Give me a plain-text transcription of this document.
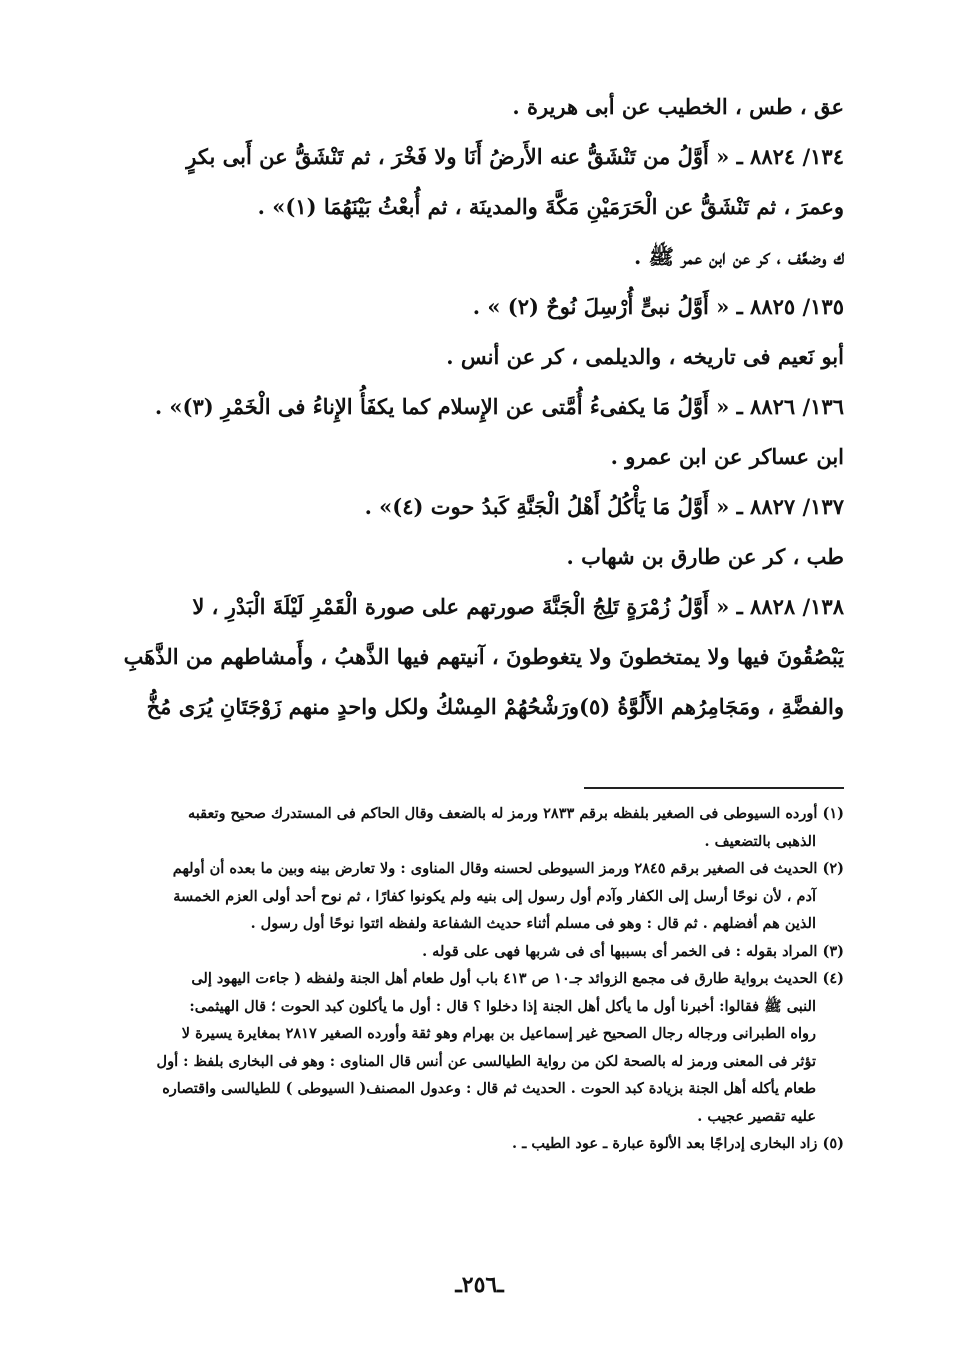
عق ، طس ، الخطيب عن أبى هريرة .
١٣٤/ ٨٨٢٤ ـ « أَوَّلُ من تَنْشَقُّ عنه الأَرضُ أَنَا ولا فَخْرَ ، ثم تَنْشَقُّ عن أَبى بكرٍ
وعمرَ ، ثم تَنْشَقُّ عن الْحَرَمَيْنِ مَكَّةَ والمدينَة ، ثم أُبعْثُ بَيْنَهُمَا (١)» .
ك وضعَّف ، كر عن ابن عمر ﷺ .
١٣٥/ ٨٨٢٥ ـ « أَوَّلُ نبىٍّ أُرْسِلَ نُوحٌ (٢) » .
أبو نَعيم فى تاريخه ، والديلمى ، كر عن أنس .
١٣٦/ ٨٨٢٦ ـ « أَوَّلُ مَا يكفىءُ أُمَّتى عن الإِسلام كما يكفَأُ الإِناءُ فى الْخَمْرِ (٣)» .
ابن عساكر عن ابن عمرو .
١٣٧/ ٨٨٢٧ ـ « أَوَّلُ مَا يَأْكُلُ أَهْلُ الْجَنَّةِ كَبدُ حوت (٤)» .
طب ، كر عن طارق بن شهاب .
١٣٨/ ٨٨٢٨ ـ « أَوَّلُ زُمْرَةٍ تَلِجُ الْجَنَّةَ صورتهم على صورة الْقَمْرِ لَيْلَةَ الْبَدْرِ ، لا
يَبْصُقُونَ فيها ولا يمتخطونَ ولا يتغوطونَ ، آنيتهم فيها الذَّهبُ ، وأَمشاطهم من الذَّهَبِ
والفضَّةِ ، ومَجَامِرُهم الأَلُوَّةُ (٥)ورَشْحُهُمْ المِسْكُ ولكل واحدٍ منهم زَوْجَتَانِ يُرَى مُخُّ
(١) أورده السيوطى فى الصغير بلفظه برقم ٢٨٣٣ ورمز له بالضعف وقال الحاكم فى المستدرك صحيح وتعقبه
الذهبى بالتضعيف .
(٢) الحديث فى الصغير برقم ٢٨٤٥ ورمز السيوطى لحسنه وقال المناوى : ولا تعارض بينه وبين ما بعده أن أولهم
آدم ، لأن نوحًا أرسل إلى الكفار وآدم أول رسول إلى بنيه ولم يكونوا كفارًا ، ثم نوح أحد أولى العزم الخمسة
الذين هم أفضلهم . ثم قال : وهو فى مسلم أثناء حديث الشفاعة ولفظه ائتوا نوحًا أول رسول .
(٣) المراد بقوله : فى الخمر أى بسببها أى فى شربها فهى على قوله .
(٤) الحديث برواية طارق فى مجمع الزوائد جـ١٠ ص ٤١٣ باب أول طعام أهل الجنة ولفظه ( جاءت اليهود إلى
النبى ﷺ فقالوا: أخبرنا أول ما يأكل أهل الجنة إذا دخلوا ؟ قال : أول ما يأكلون كبد الحوت ؛ قال الهيثمى:
رواه الطبرانى ورجاله رجال الصحيح غير إسماعيل بن بهرام وهو ثقة وأورده الصغير ٢٨١٧ بمغايرة يسيرة لا
تؤثر فى المعنى ورمز له بالصحة لكن من رواية الطيالسى عن أنس قال المناوى : وهو فى البخارى بلفظ : أول
طعام يأكله أهل الجنة بزيادة كبد الحوت . الحديث ثم قال : وعدول المصنف( السيوطى ) للطيالسى واقتصاره
عليه تقصير عجيب .
(٥) زاد البخارى إدراجًا بعد الألوة عبارة ـ عود الطيب ـ .
ـ٢٥٦ـ
